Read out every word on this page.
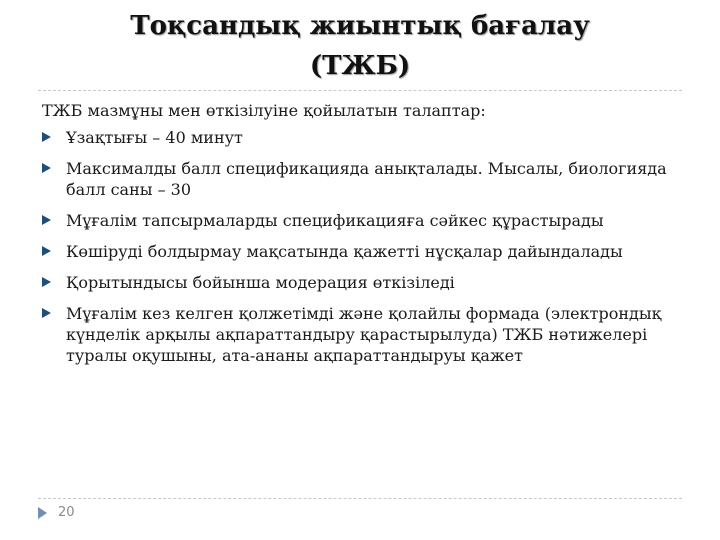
Тоқсандық жиынтық бағалау
(ТЖБ)

ТЖБ мазмұны мен өткізілуіне қойылатын талаптар:

Ұзақтығы – 40 минут
Максималды балл спецификацияда анықталады. Мысалы, биологияда балл саны – 30
Мұғалім тапсырмаларды спецификацияға сәйкес құрастырады
Көшіруді болдырмау мақсатында қажетті нұсқалар дайындалады
Қорытындысы бойынша модерация өткізіледі
Мұғалім кез келген қолжетімді және қолайлы формада (электрондық күнделік арқылы ақпараттандыру қарастырылуда) ТЖБ нәтижелері туралы оқушыны, ата-ананы ақпараттандыруы қажет
20
